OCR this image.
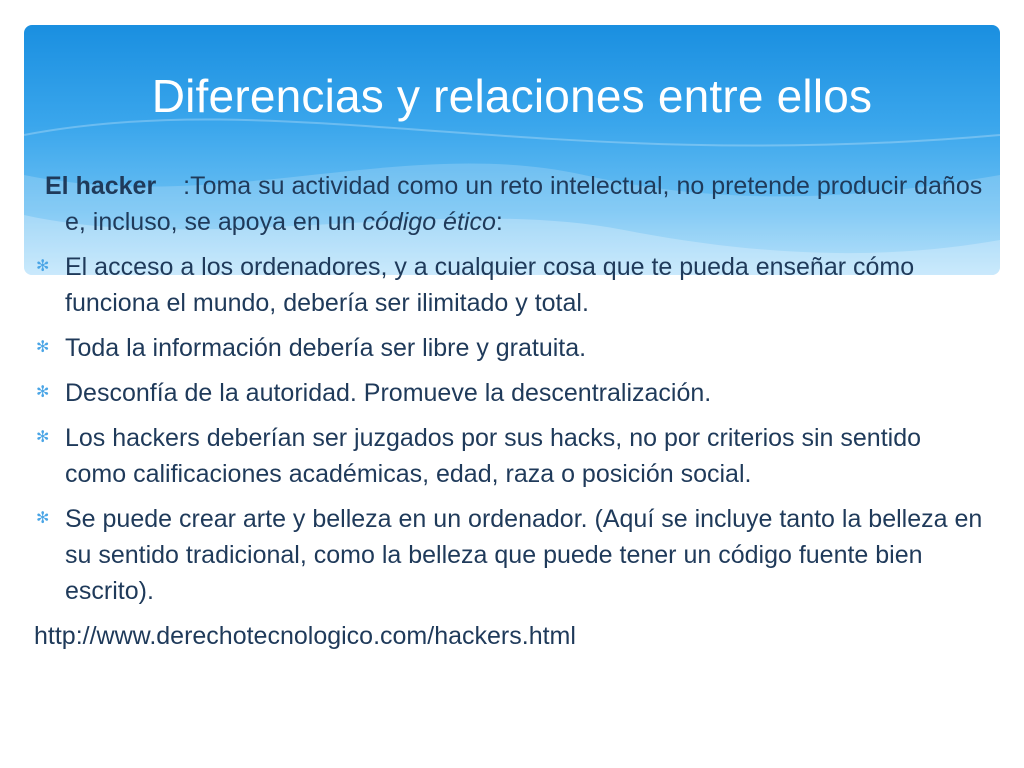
Diferencias y relaciones entre ellos

El hacker :Toma su actividad como un reto intelectual, no pretende producir daños e, incluso, se apoya en un código ético:

✻ El acceso a los ordenadores, y a cualquier cosa que te pueda enseñar cómo funciona el mundo, debería ser ilimitado y total.

✻ Toda la información debería ser libre y gratuita.

✻ Desconfía de la autoridad. Promueve la descentralización.

✻ Los hackers deberían ser juzgados por sus hacks, no por criterios sin sentido como calificaciones académicas, edad, raza o posición social.

✻ Se puede crear arte y belleza en un ordenador. (Aquí se incluye tanto la belleza en su sentido tradicional, como la belleza que puede tener un código fuente bien escrito).

http://www.derechotecnologico.com/hackers.html
